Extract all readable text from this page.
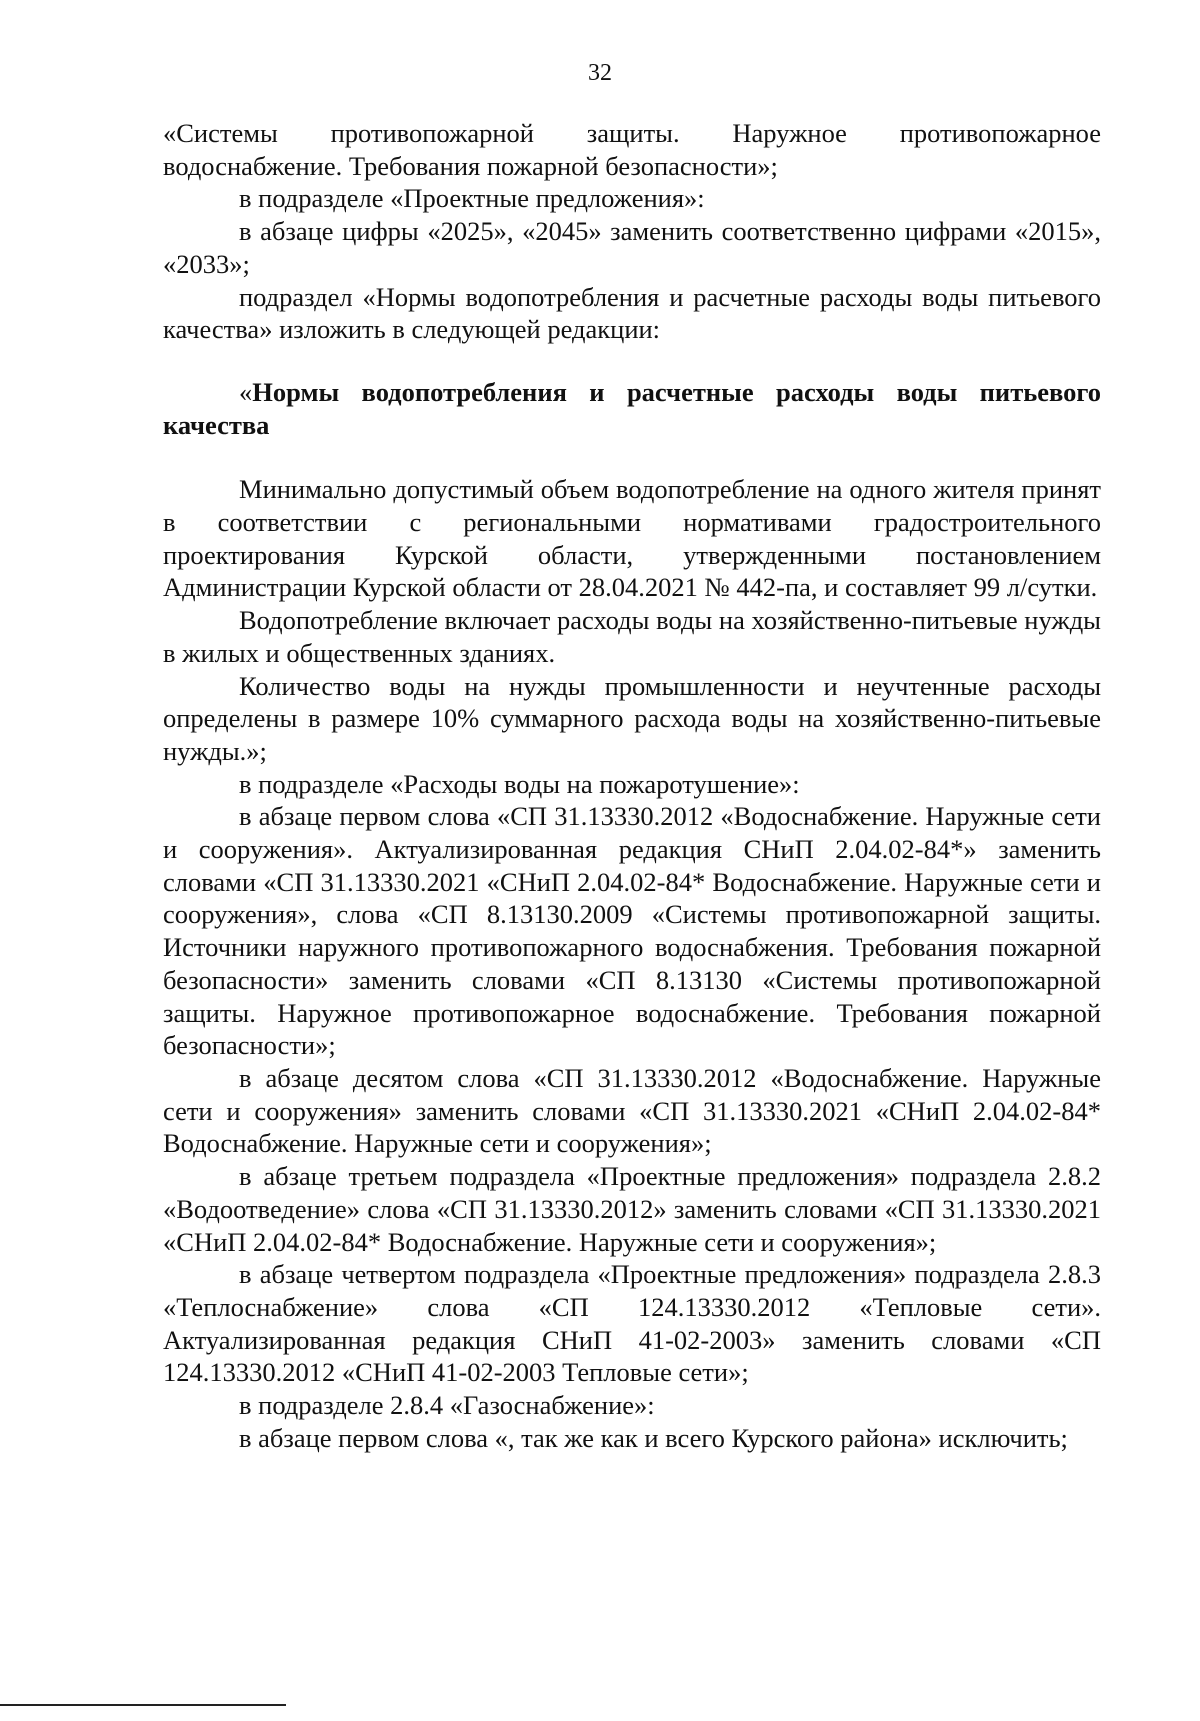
32

«Системы противопожарной защиты. Наружное противопожарное водоснабжение. Требования пожарной безопасности»;

в подразделе «Проектные предложения»:

в абзаце цифры «2025», «2045» заменить соответственно цифрами «2015», «2033»;

подраздел «Нормы водопотребления и расчетные расходы воды питьевого качества» изложить в следующей редакции:

«Нормы водопотребления и расчетные расходы воды питьевого качества

Минимально допустимый объем водопотребление на одного жителя принят в соответствии с региональными нормативами градостроительного проектирования Курской области, утвержденными постановлением Администрации Курской области от 28.04.2021 № 442-па, и составляет 99 л/сутки.

Водопотребление включает расходы воды на хозяйственно-питьевые нужды в жилых и общественных зданиях.

Количество воды на нужды промышленности и неучтенные расходы определены в размере 10% суммарного расхода воды на хозяйственно-питьевые нужды.»;

в подразделе «Расходы воды на пожаротушение»:

в абзаце первом слова «СП 31.13330.2012 «Водоснабжение. Наружные сети и сооружения». Актуализированная редакция СНиП 2.04.02-84*» заменить словами «СП 31.13330.2021 «СНиП 2.04.02-84* Водоснабжение. Наружные сети и сооружения», слова «СП 8.13130.2009 «Системы противопожарной защиты. Источники наружного противопожарного водоснабжения. Требования пожарной безопасности» заменить словами «СП 8.13130 «Системы противопожарной защиты. Наружное противопожарное водоснабжение. Требования пожарной безопасности»;

в абзаце десятом слова «СП 31.13330.2012 «Водоснабжение. Наружные сети и сооружения» заменить словами «СП 31.13330.2021 «СНиП 2.04.02-84* Водоснабжение. Наружные сети и сооружения»;

в абзаце третьем подраздела «Проектные предложения» подраздела 2.8.2 «Водоотведение» слова «СП 31.13330.2012» заменить словами «СП 31.13330.2021 «СНиП 2.04.02-84* Водоснабжение. Наружные сети и сооружения»;

в абзаце четвертом подраздела «Проектные предложения» подраздела 2.8.3 «Теплоснабжение» слова «СП 124.13330.2012 «Тепловые сети». Актуализированная редакция СНиП 41-02-2003» заменить словами «СП 124.13330.2012 «СНиП 41-02-2003 Тепловые сети»;

в подразделе 2.8.4 «Газоснабжение»:

в абзаце первом слова «, так же как и всего Курского района» исключить;
